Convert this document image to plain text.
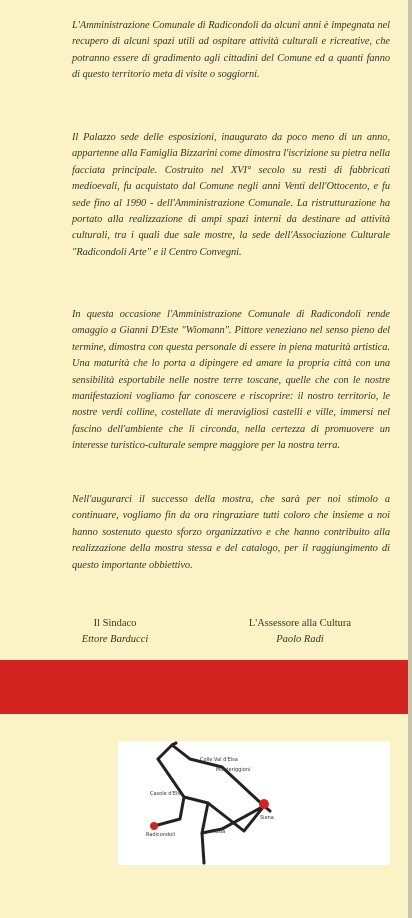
L'Amministrazione Comunale di Radicondoli da alcuni anni è impegnata nel recupero di alcuni spazi utili ad ospitare attività culturali e ricreative, che potranno essere di gradimento agli cittadini del Comune ed a quanti fanno di questo territorio meta di visite o soggiorni.

Il Palazzo sede delle esposizioni, inaugurato da poco meno di un anno, appartenne alla Famiglia Bizzarini come dimostra l'iscrizione su pietra nella facciata principale. Costruito nel XVI° secolo su resti di fabbricati medioevali, fu acquistato dal Comune negli anni Venti dell'Ottocento, e fu sede fino al 1990 - dell'Amministrazione Comunale. La ristrutturazione ha portato alla realizzazione di ampi spazi interni da destinare ad attività culturali, tra i quali due sale mostre, la sede dell'Associazione Culturale "Radicondoli Arte" e il Centro Convegni.

In questa occasione l'Amministrazione Comunale di Radicondoli rende omaggio a Gianni D'Este "Wiomann". Pittore veneziano nel senso pieno del termine, dimostra con questa personale di essere in piena maturità artistica. Una maturità che lo porta a dipingere ed amare la propria città con una sensibilità esportabile nelle nostre terre toscane, quelle che con le nostre manifestazioni vogliamo far conoscere e riscoprire: il nostro territorio, le nostre verdi colline, costellate di meravigliosi castelli e ville, immersi nel fascino dell'ambiente che li circonda, nella certezza di promuovere un interesse turistico-culturale sempre maggiore per la nostra terra.

Nell'augurarci il successo della mostra, che sarà per noi stimolo a continuare, vogliamo fin da ora ringraziare tutti coloro che insieme a noi hanno sostenuto questo sforzo organizzativo e che hanno contribuito alla realizzazione della mostra stessa e del catalogo, per il raggiungimento di questo importante obbiettivo.

Il Sindaco
Ettore Barducci
L'Assessore alla Cultura
Paolo Radi
Colle Val d'Elsa
Monteriggioni
Casole d'Elsa
Siena
Radicondoli	Rosia
